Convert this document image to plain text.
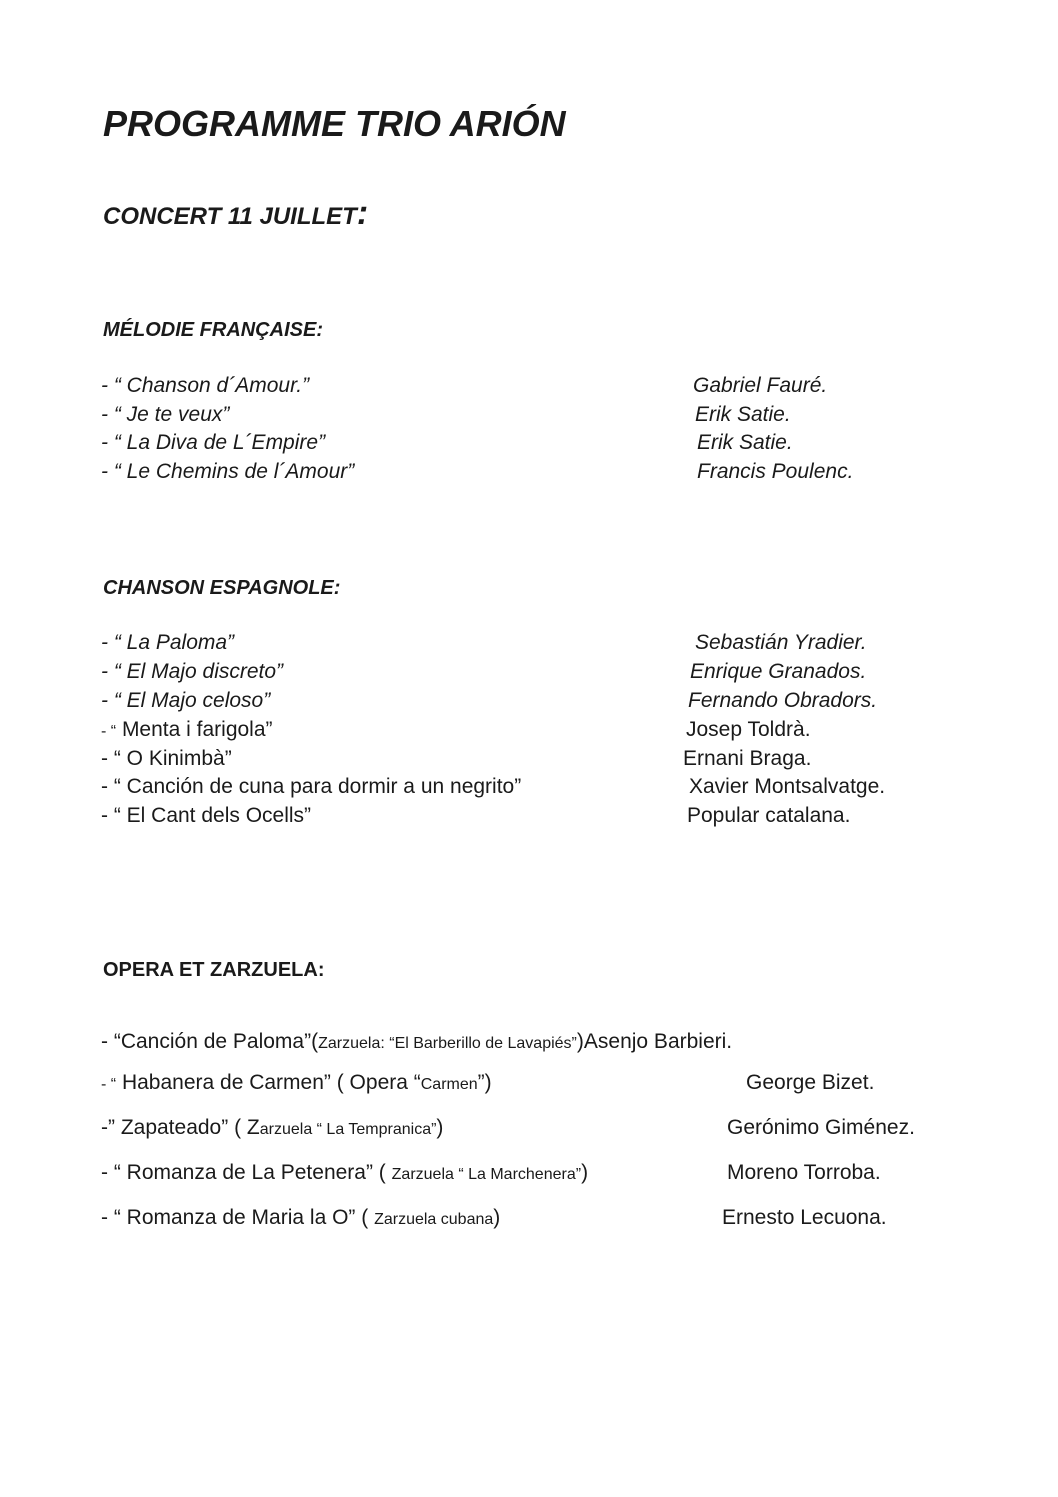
PROGRAMME TRIO ARIÓN
CONCERT 11 JUILLET:
MÉLODIE FRANÇAISE:
- “ Chanson d´Amour.”	Gabriel Fauré.
- “ Je te veux”	Erik Satie.
- “ La Diva de L´Empire”	Erik Satie.
- “ Le Chemins de l´Amour”	Francis Poulenc.
CHANSON ESPAGNOLE:
- “ La Paloma”	Sebastián Yradier.
- “ El Majo discreto”	Enrique Granados.
- “ El Majo celoso”	Fernando Obradors.
- “ Menta i farigola”	Josep Toldrà.
- “ O Kinimbà”	Ernani Braga.
- “ Canción de cuna para dormir a un negrito”	Xavier Montsalvatge.
- “ El Cant dels Ocells”	Popular catalana.
OPERA ET ZARZUELA:
- “Canción de Paloma”(Zarzuela: “El Barberillo de Lavapiés”)Asenjo Barbieri.
- “ Habanera de Carmen” ( Opera “Carmen”)	George Bizet.
-” Zapateado” ( Zarzuela “ La Tempranica”)	Gerónimo Giménez.
- “ Romanza de La Petenera” ( Zarzuela “ La Marchenera”)	Moreno Torroba.
- “ Romanza de Maria la O” ( Zarzuela cubana)	Ernesto Lecuona.
